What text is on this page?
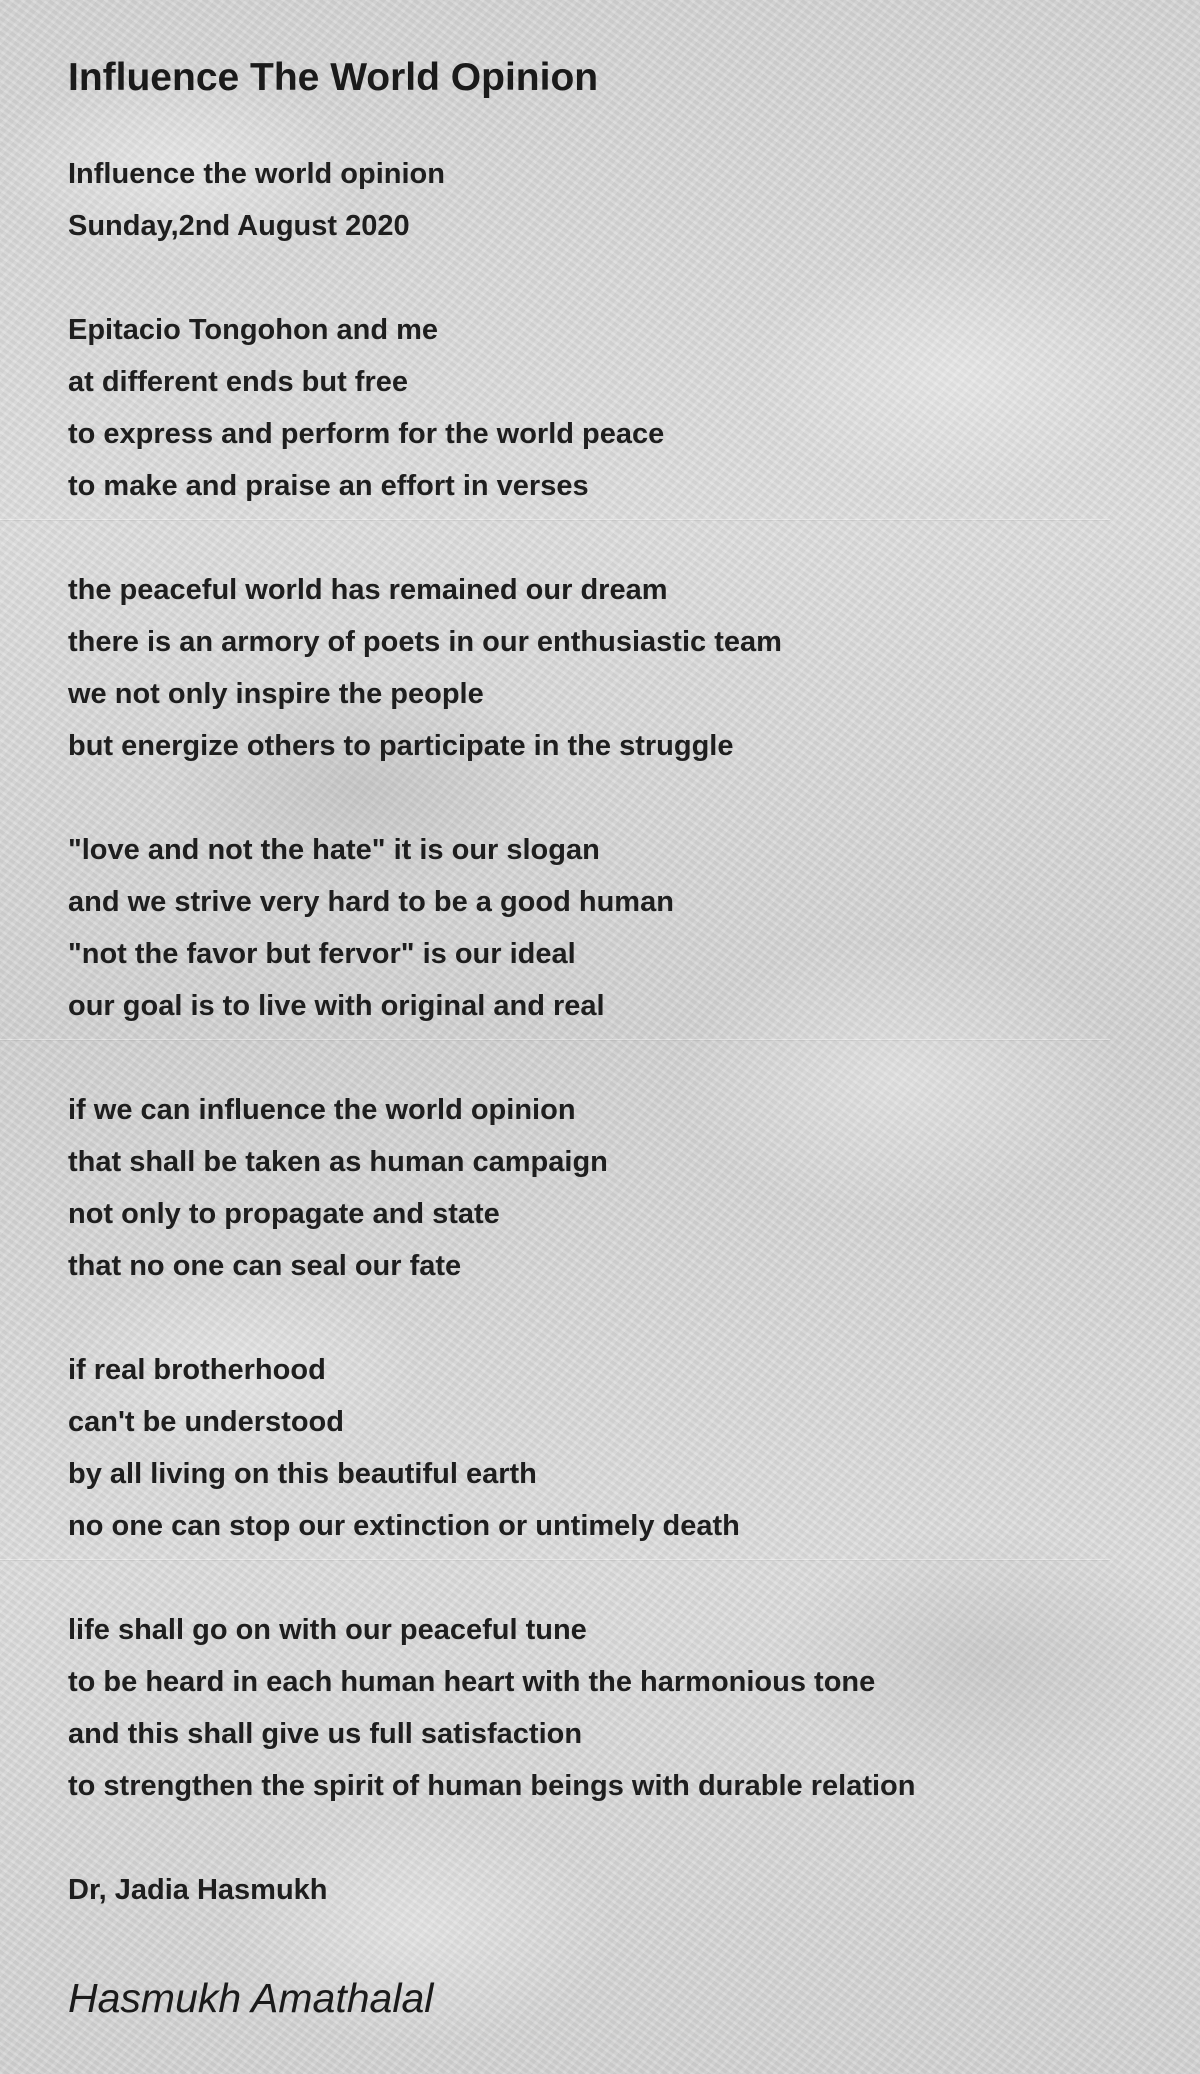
Influence The World Opinion
Influence the world opinion
Sunday,2nd August 2020
Epitacio Tongohon and me
at different ends but free
to express and perform for the world peace
to make and praise an effort in verses
the peaceful world has remained our dream
there is an armory of poets in our enthusiastic team
we not only inspire the people
but energize others to participate in the struggle
"love and not the hate" it is our slogan
and we strive very hard to be a good human
"not the favor but fervor" is our ideal
our goal is to live with original and real
if we can influence the world opinion
that shall be taken as human campaign
not only to propagate and state
that no one can seal our fate
if real brotherhood
can't be understood
by all living on this beautiful earth
no one can stop our extinction or untimely death
life shall go on with our peaceful tune
to be heard in each human heart with the harmonious tone
and this shall give us full satisfaction
to strengthen the spirit of human beings with durable relation
Dr, Jadia Hasmukh
Hasmukh Amathalal
